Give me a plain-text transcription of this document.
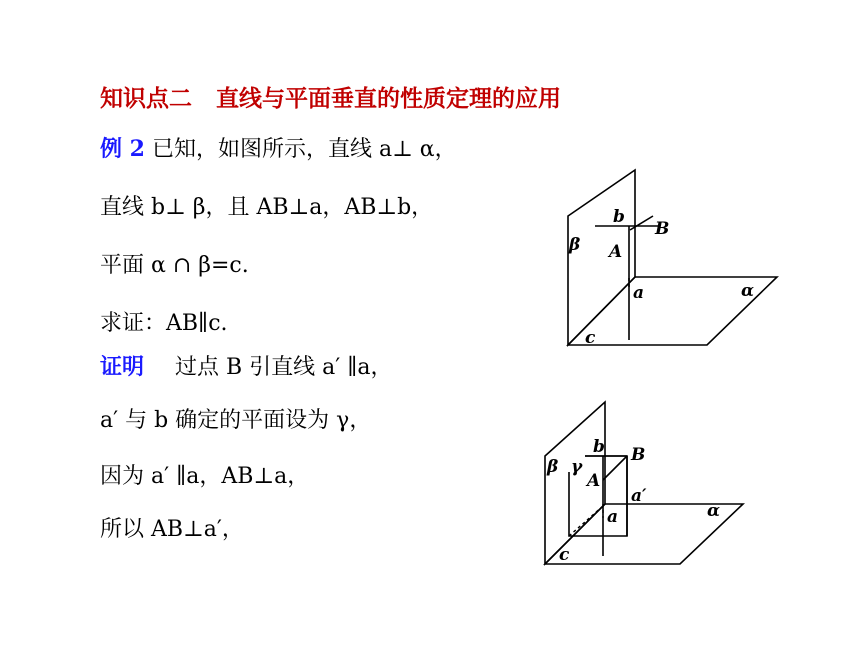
知识点二 直线与平面垂直的性质定理的应用
例 2 已知，如图所示，直线 a⊥ α，
直线 b⊥ β，且 AB⊥a，AB⊥b，
平面 α ∩ β=c.
求证：AB∥c.
证明 过点 B 引直线 a′ ∥a，
a′ 与 b 确定的平面设为 γ，
因为 a′ ∥a，AB⊥a，
所以 AB⊥a′，
b
B
β A
a	α
c
b B
β γ
A
a′
a	α
c
